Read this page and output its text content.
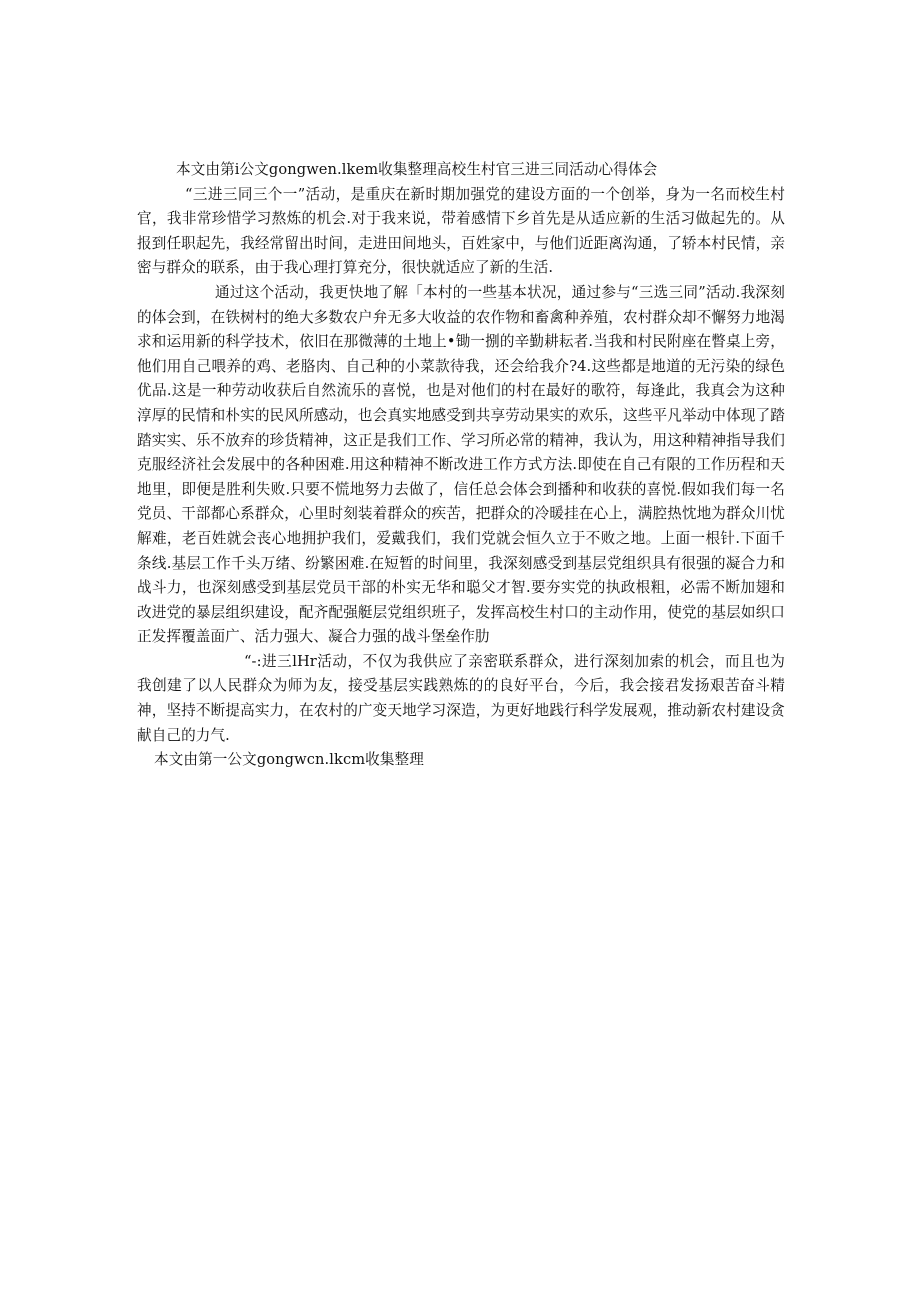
本文由第i公文gongwen.lkem收集整理高校生村官三进三同活动心得体会

“三进三同三个一”活动，是重庆在新时期加强党的建设方面的一个创举，身为一名而校生村官，我非常珍惜学习熬炼的机会.对于我来说，带着感情下乡首先是从适应新的生活习做起先的。从报到任职起先，我经常留出时间，走进田间地头，百姓家中，与他们近距离沟通，了轿本村民情，亲密与群众的联系，由于我心理打算充分，很快就适应了新的生活.

通过这个活动，我更快地了解「本村的一些基本状况，通过参与“三选三同”活动.我深刻的体会到，在铁树村的绝大多数农户弁无多大收益的农作物和畜禽种养殖，农村群众却不懈努力地渴求和运用新的科学技术，依旧在那微薄的土地上•锄一捌的辛勤耕耘者.当我和村民附座在瞥桌上旁，他们用自己喂养的鸡、老胳肉、自己种的小菜款待我，还会给我介?4.这些都是地道的无污染的绿色优品.这是一种劳动收获后自然流乐的喜悦，也是对他们的村在最好的歌符，每逢此，我真会为这种淳厚的民情和朴实的民风所感动，也会真实地感受到共享劳动果实的欢乐，这些平凡举动中体现了踏踏实实、乐不放弃的珍货精神，这正是我们工作、学习所必常的精神，我认为，用这种精神指导我们克服经济社会发展中的各种困难.用这种精神不断改进工作方式方法.即使在自己有限的工作历程和天地里，即便是胜利失败.只要不慌地努力去做了，信任总会体会到播种和收获的喜悦.假如我们每一名党员、干部都心系群众，心里时刻装着群众的疾苦，把群众的冷暖挂在心上，满腔热忱地为群众川忧解难，老百姓就会丧心地拥护我们，爱戴我们，我们党就会恒久立于不败之地。上面一根针.下面千条线.基层工作千头万绪、纷繁困难.在短暂的时间里，我深刻感受到基层党组织具有很强的凝合力和战斗力，也深刻感受到基层党员干部的朴实无华和聪父才智.要夯实党的执政根粗，必需不断加翅和改进党的暴层组织建设，配齐配强艇层党组织班子，发挥高校生村口的主动作用，使党的基层如织口正发挥覆盖面广、活力强大、凝合力强的战斗堡垒作肋

“-:进三lHr活动，不仅为我供应了亲密联系群众，进行深刻加索的机会，而且也为我创建了以人民群众为师为友，接受基层实践熟炼的的良好平台，今后，我会接君发扬艰苦奋斗精神，坚持不断提高实力，在农村的广变天地学习深造，为更好地践行科学发展观，推动新农村建设贪献自己的力气.

本文由第一公文gongwcn.lkcm收集整理
